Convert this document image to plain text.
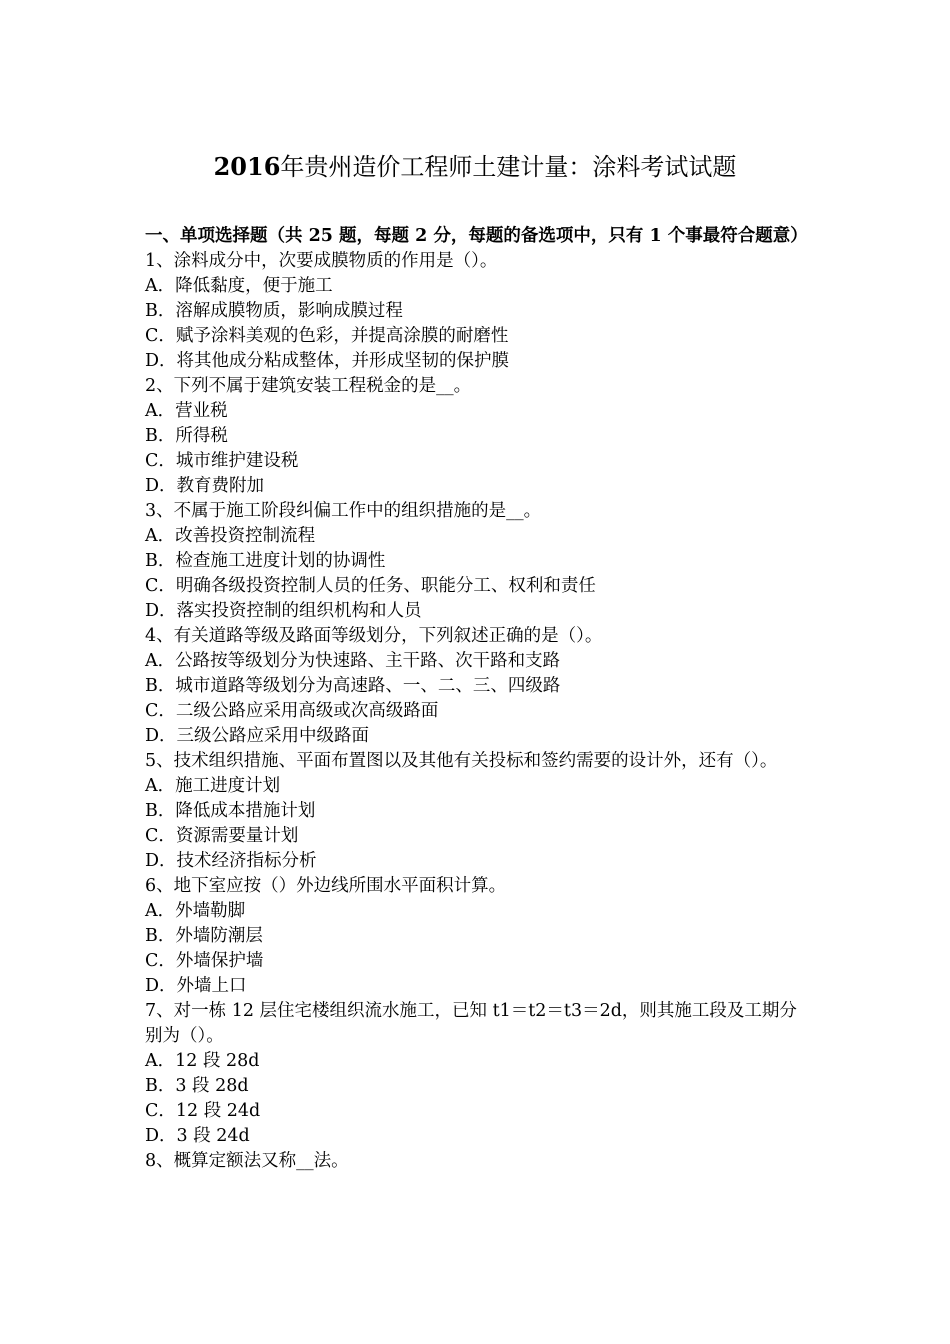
2016年贵州造价工程师土建计量：涂料考试试题

一、单项选择题（共 25 题，每题 2 分，每题的备选项中，只有 1 个事最符合题意）

1、涂料成分中，次要成膜物质的作用是（）。

A．降低黏度，便于施工

B．溶解成膜物质，影响成膜过程

C．赋予涂料美观的色彩，并提高涂膜的耐磨性

D．将其他成分粘成整体，并形成坚韧的保护膜

2、下列不属于建筑安装工程税金的是__。

A．营业税

B．所得税

C．城市维护建设税

D．教育费附加

3、不属于施工阶段纠偏工作中的组织措施的是__。

A．改善投资控制流程

B．检查施工进度计划的协调性

C．明确各级投资控制人员的任务、职能分工、权利和责任

D．落实投资控制的组织机构和人员

4、有关道路等级及路面等级划分，下列叙述正确的是（）。

A．公路按等级划分为快速路、主干路、次干路和支路

B．城市道路等级划分为高速路、一、二、三、四级路

C．二级公路应采用高级或次高级路面

D．三级公路应采用中级路面

5、技术组织措施、平面布置图以及其他有关投标和签约需要的设计外，还有（）。

A．施工进度计划

B．降低成本措施计划

C．资源需要量计划

D．技术经济指标分析

6、地下室应按（）外边线所围水平面积计算。

A．外墙勒脚

B．外墙防潮层

C．外墙保护墙

D．外墙上口

7、对一栋 12 层住宅楼组织流水施工，已知 t1＝t2＝t3＝2d，则其施工段及工期分别为（）。

A．12 段 28d

B．3 段 28d

C．12 段 24d

D．3 段 24d

8、概算定额法又称__法。
